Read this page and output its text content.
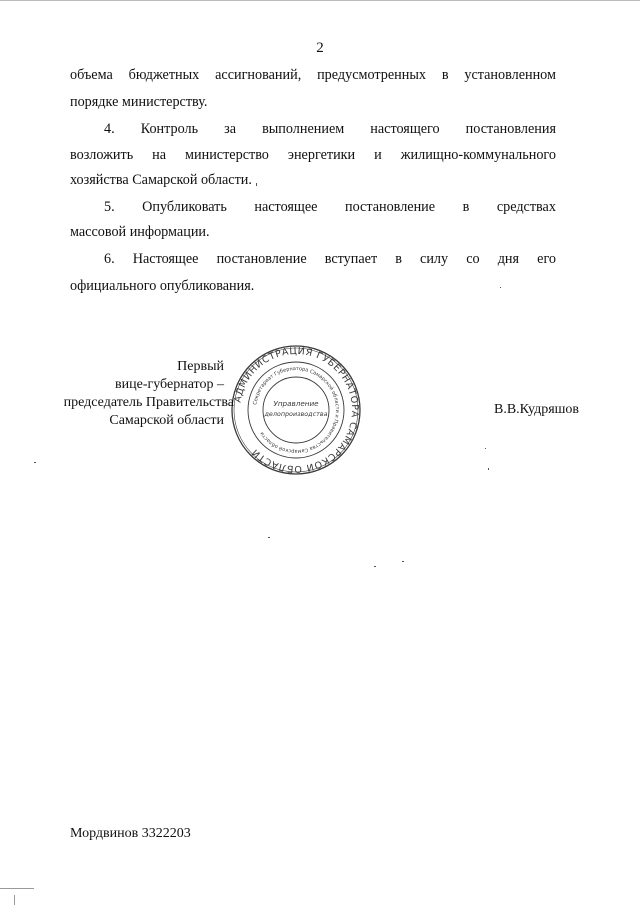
2
объема бюджетных ассигнований, предусмотренных в установленном
порядке министерству.
4. Контроль за выполнением настоящего постановления
возложить на министерство энергетики и жилищно-коммунального
хозяйства Самарской области.
5. Опубликовать настоящее постановление в средствах
массовой информации.
6. Настоящее постановление вступает в силу со дня его
официального опубликования.
АДМИНИСТРАЦИЯ ГУБЕРНАТОРА САМАРСКОЙ ОБЛАСТИ
Секретариат Губернатора Самарской области и Правительства Самарской области
Управление
делопроизводства
Первый
вице-губернатор –
председатель Правительства
Самарской области
В.В.Кудряшов
Мордвинов 3322203
